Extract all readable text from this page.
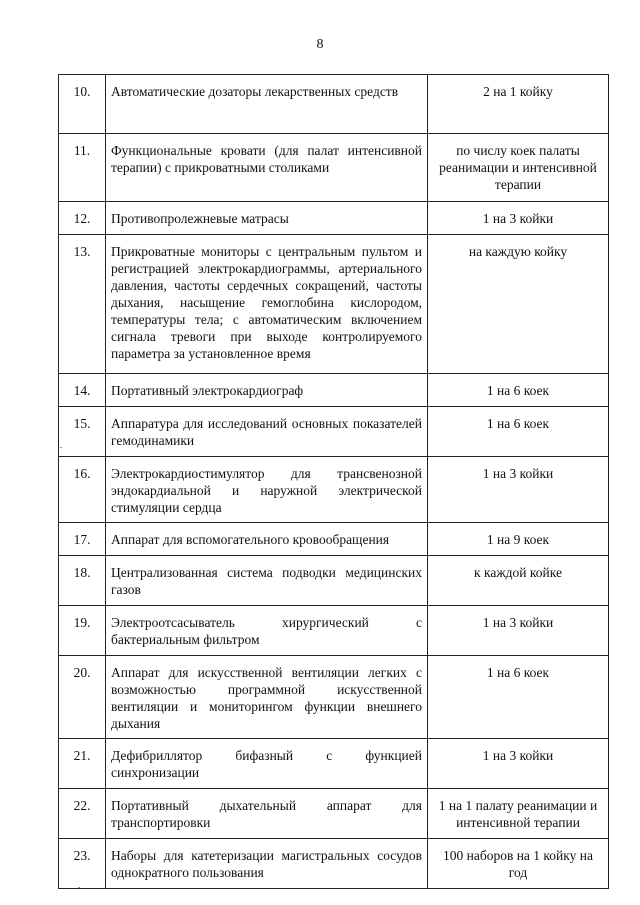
8
10.	Автоматические дозаторы лекарственных средств	2 на 1 койку
11.	Функциональные кровати (для палат интенсивной терапии) с прикроватными столиками	по числу коек палаты реанимации и интенсивной терапии
12.	Противопролежневые матрасы	1 на 3 койки
13.	Прикроватные мониторы с центральным пультом и регистрацией электрокардиограммы, артериального давления, частоты сердечных сокращений, частоты дыхания, насыщение гемоглобина кислородом, температуры тела; с автоматическим включением сигнала тревоги при выходе контролируемого параметра за установленное время	на каждую койку
14.	Портативный электрокардиограф	1 на 6 коек
15.	Аппаратура для исследований основных показателей гемодинамики	1 на 6 коек
16.	Электрокардиостимулятор для трансвенозной эндокардиальной и наружной электрической стимуляции сердца	1 на 3 койки
17.	Аппарат для вспомогательного кровообращения	1 на 9 коек
18.	Централизованная система подводки медицинских газов	к каждой койке
19.	Электроотсасыватель хирургический с бактериальным фильтром	1 на 3 койки
20.	Аппарат для искусственной вентиляции легких с возможностью программной искусственной вентиляции и мониторингом функции внешнего дыхания	1 на 6 коек
21.	Дефибриллятор бифазный с функцией синхронизации	1 на 3 койки
22.	Портативный дыхательный аппарат для транспортировки	1 на 1 палату реанимации и интенсивной терапии
23.	Наборы для катетеризации магистральных сосудов однократного пользования	100 наборов на 1 койку на год
